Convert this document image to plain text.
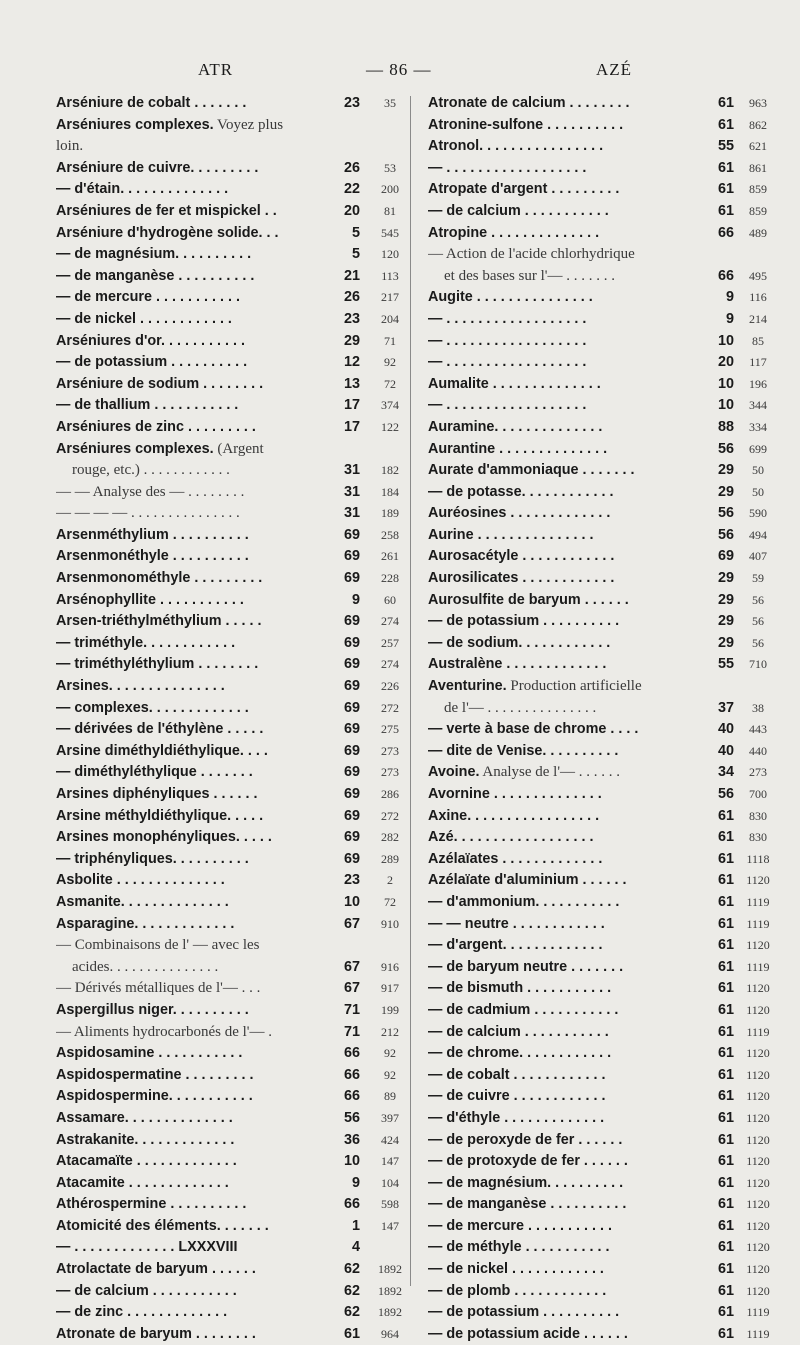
ATR	— 86 —	AZÉ
Arséniure de cobalt . . . . . . .	23	35
Arséniures complexes. Voyez plus
loin.
Arséniure de cuivre. . . . . . . . .	26	53
— d'étain. . . . . . . . . . . . . .	22	200
Arséniures de fer et mispickel . .	20	81
Arséniure d'hydrogène solide. . .	5	545
— de magnésium. . . . . . . . . .	5	120
— de manganèse . . . . . . . . . .	21	113
— de mercure . . . . . . . . . . .	26	217
— de nickel . . . . . . . . . . . .	23	204
Arséniures d'or. . . . . . . . . . .	29	71
— de potassium . . . . . . . . . .	12	92
Arséniure de sodium . . . . . . . .	13	72
— de thallium . . . . . . . . . . .	17	374
Arséniures de zinc . . . . . . . . .	17	122
Arséniures complexes. (Argent
rouge, etc.) . . . . . . . . . . . .	31	182
— — Analyse des — . . . . . . . .	31	184
— — — — . . . . . . . . . . . . . . .	31	189
Arsenméthylium . . . . . . . . . .	69	258
Arsenmonéthyle . . . . . . . . . .	69	261
Arsenmonométhyle . . . . . . . . .	69	228
Arsénophyllite . . . . . . . . . . .	9	60
Arsen-triéthylméthylium . . . . .	69	274
— triméthyle. . . . . . . . . . . .	69	257
— triméthyléthylium . . . . . . . .	69	274
Arsines. . . . . . . . . . . . . . .	69	226
— complexes. . . . . . . . . . . . .	69	272
— dérivées de l'éthylène . . . . .	69	275
Arsine diméthyldiéthylique. . . .	69	273
— diméthyléthylique . . . . . . .	69	273
Arsines diphényliques . . . . . .	69	286
Arsine méthyldiéthylique. . . . .	69	272
Arsines monophényliques. . . . .	69	282
— triphényliques. . . . . . . . . .	69	289
Asbolite . . . . . . . . . . . . . .	23	2
Asmanite. . . . . . . . . . . . . .	10	72
Asparagine. . . . . . . . . . . . .	67	910
— Combinaisons de l' — avec les
acides. . . . . . . . . . . . . . .	67	916
— Dérivés métalliques de l'— . . .	67	917
Aspergillus niger. . . . . . . . . .	71	199
— Aliments hydrocarbonés de l'— .	71	212
Aspidosamine . . . . . . . . . . .	66	92
Aspidospermatine . . . . . . . . .	66	92
Aspidospermine. . . . . . . . . . .	66	89
Assamare. . . . . . . . . . . . . .	56	397
Astrakanite. . . . . . . . . . . . .	36	424
Atacamaïte . . . . . . . . . . . . .	10	147
Atacamite . . . . . . . . . . . . .	9	104
Athérospermine . . . . . . . . . .	66	598
Atomicité des éléments. . . . . . .	1	147
— . . . . . . . . . . . . . LXXXVIII	4
Atrolactate de baryum . . . . . .	62	1892
— de calcium . . . . . . . . . . .	62	1892
— de zinc . . . . . . . . . . . . .	62	1892
Atronate de baryum . . . . . . . .	61	964
Atronate de calcium . . . . . . . .	61	963
Atronine-sulfone . . . . . . . . . .	61	862
Atronol. . . . . . . . . . . . . . . .	55	621
— . . . . . . . . . . . . . . . . . .	61	861
Atropate d'argent . . . . . . . . .	61	859
— de calcium . . . . . . . . . . .	61	859
Atropine . . . . . . . . . . . . . .	66	489
— Action de l'acide chlorhydrique
et des bases sur l'— . . . . . . .	66	495
Augite . . . . . . . . . . . . . . .	9	116
— . . . . . . . . . . . . . . . . . .	9	214
— . . . . . . . . . . . . . . . . . .	10	85
— . . . . . . . . . . . . . . . . . .	20	117
Aumalite . . . . . . . . . . . . . .	10	196
— . . . . . . . . . . . . . . . . . .	10	344
Auramine. . . . . . . . . . . . . .	88	334
Aurantine . . . . . . . . . . . . . .	56	699
Aurate d'ammoniaque . . . . . . .	29	50
— de potasse. . . . . . . . . . . .	29	50
Auréosines . . . . . . . . . . . . .	56	590
Aurine . . . . . . . . . . . . . . .	56	494
Aurosacétyle . . . . . . . . . . . .	69	407
Aurosilicates . . . . . . . . . . . .	29	59
Aurosulfite de baryum . . . . . .	29	56
— de potassium . . . . . . . . . .	29	56
— de sodium. . . . . . . . . . . .	29	56
Australène . . . . . . . . . . . . .	55	710
Aventurine. Production artificielle
de l'— . . . . . . . . . . . . . . .	37	38
— verte à base de chrome . . . .	40	443
— dite de Venise. . . . . . . . . .	40	440
Avoine. Analyse de l'— . . . . . .	34	273
Avornine . . . . . . . . . . . . . .	56	700
Axine. . . . . . . . . . . . . . . . .	61	830
Azé. . . . . . . . . . . . . . . . . .	61	830
Azélaïates . . . . . . . . . . . . .	61	1118
Azélaïate d'aluminium . . . . . .	61	1120
— d'ammonium. . . . . . . . . . .	61	1119
— — neutre . . . . . . . . . . . .	61	1119
— d'argent. . . . . . . . . . . . .	61	1120
— de baryum neutre . . . . . . .	61	1119
— de bismuth . . . . . . . . . . .	61	1120
— de cadmium . . . . . . . . . . .	61	1120
— de calcium . . . . . . . . . . .	61	1119
— de chrome. . . . . . . . . . . .	61	1120
— de cobalt . . . . . . . . . . . .	61	1120
— de cuivre . . . . . . . . . . . .	61	1120
— d'éthyle . . . . . . . . . . . . .	61	1120
— de peroxyde de fer . . . . . .	61	1120
— de protoxyde de fer . . . . . .	61	1120
— de magnésium. . . . . . . . . .	61	1120
— de manganèse . . . . . . . . . .	61	1120
— de mercure . . . . . . . . . . .	61	1120
— de méthyle . . . . . . . . . . .	61	1120
— de nickel . . . . . . . . . . . .	61	1120
— de plomb . . . . . . . . . . . .	61	1120
— de potassium . . . . . . . . . .	61	1119
— de potassium acide . . . . . .	61	1119
